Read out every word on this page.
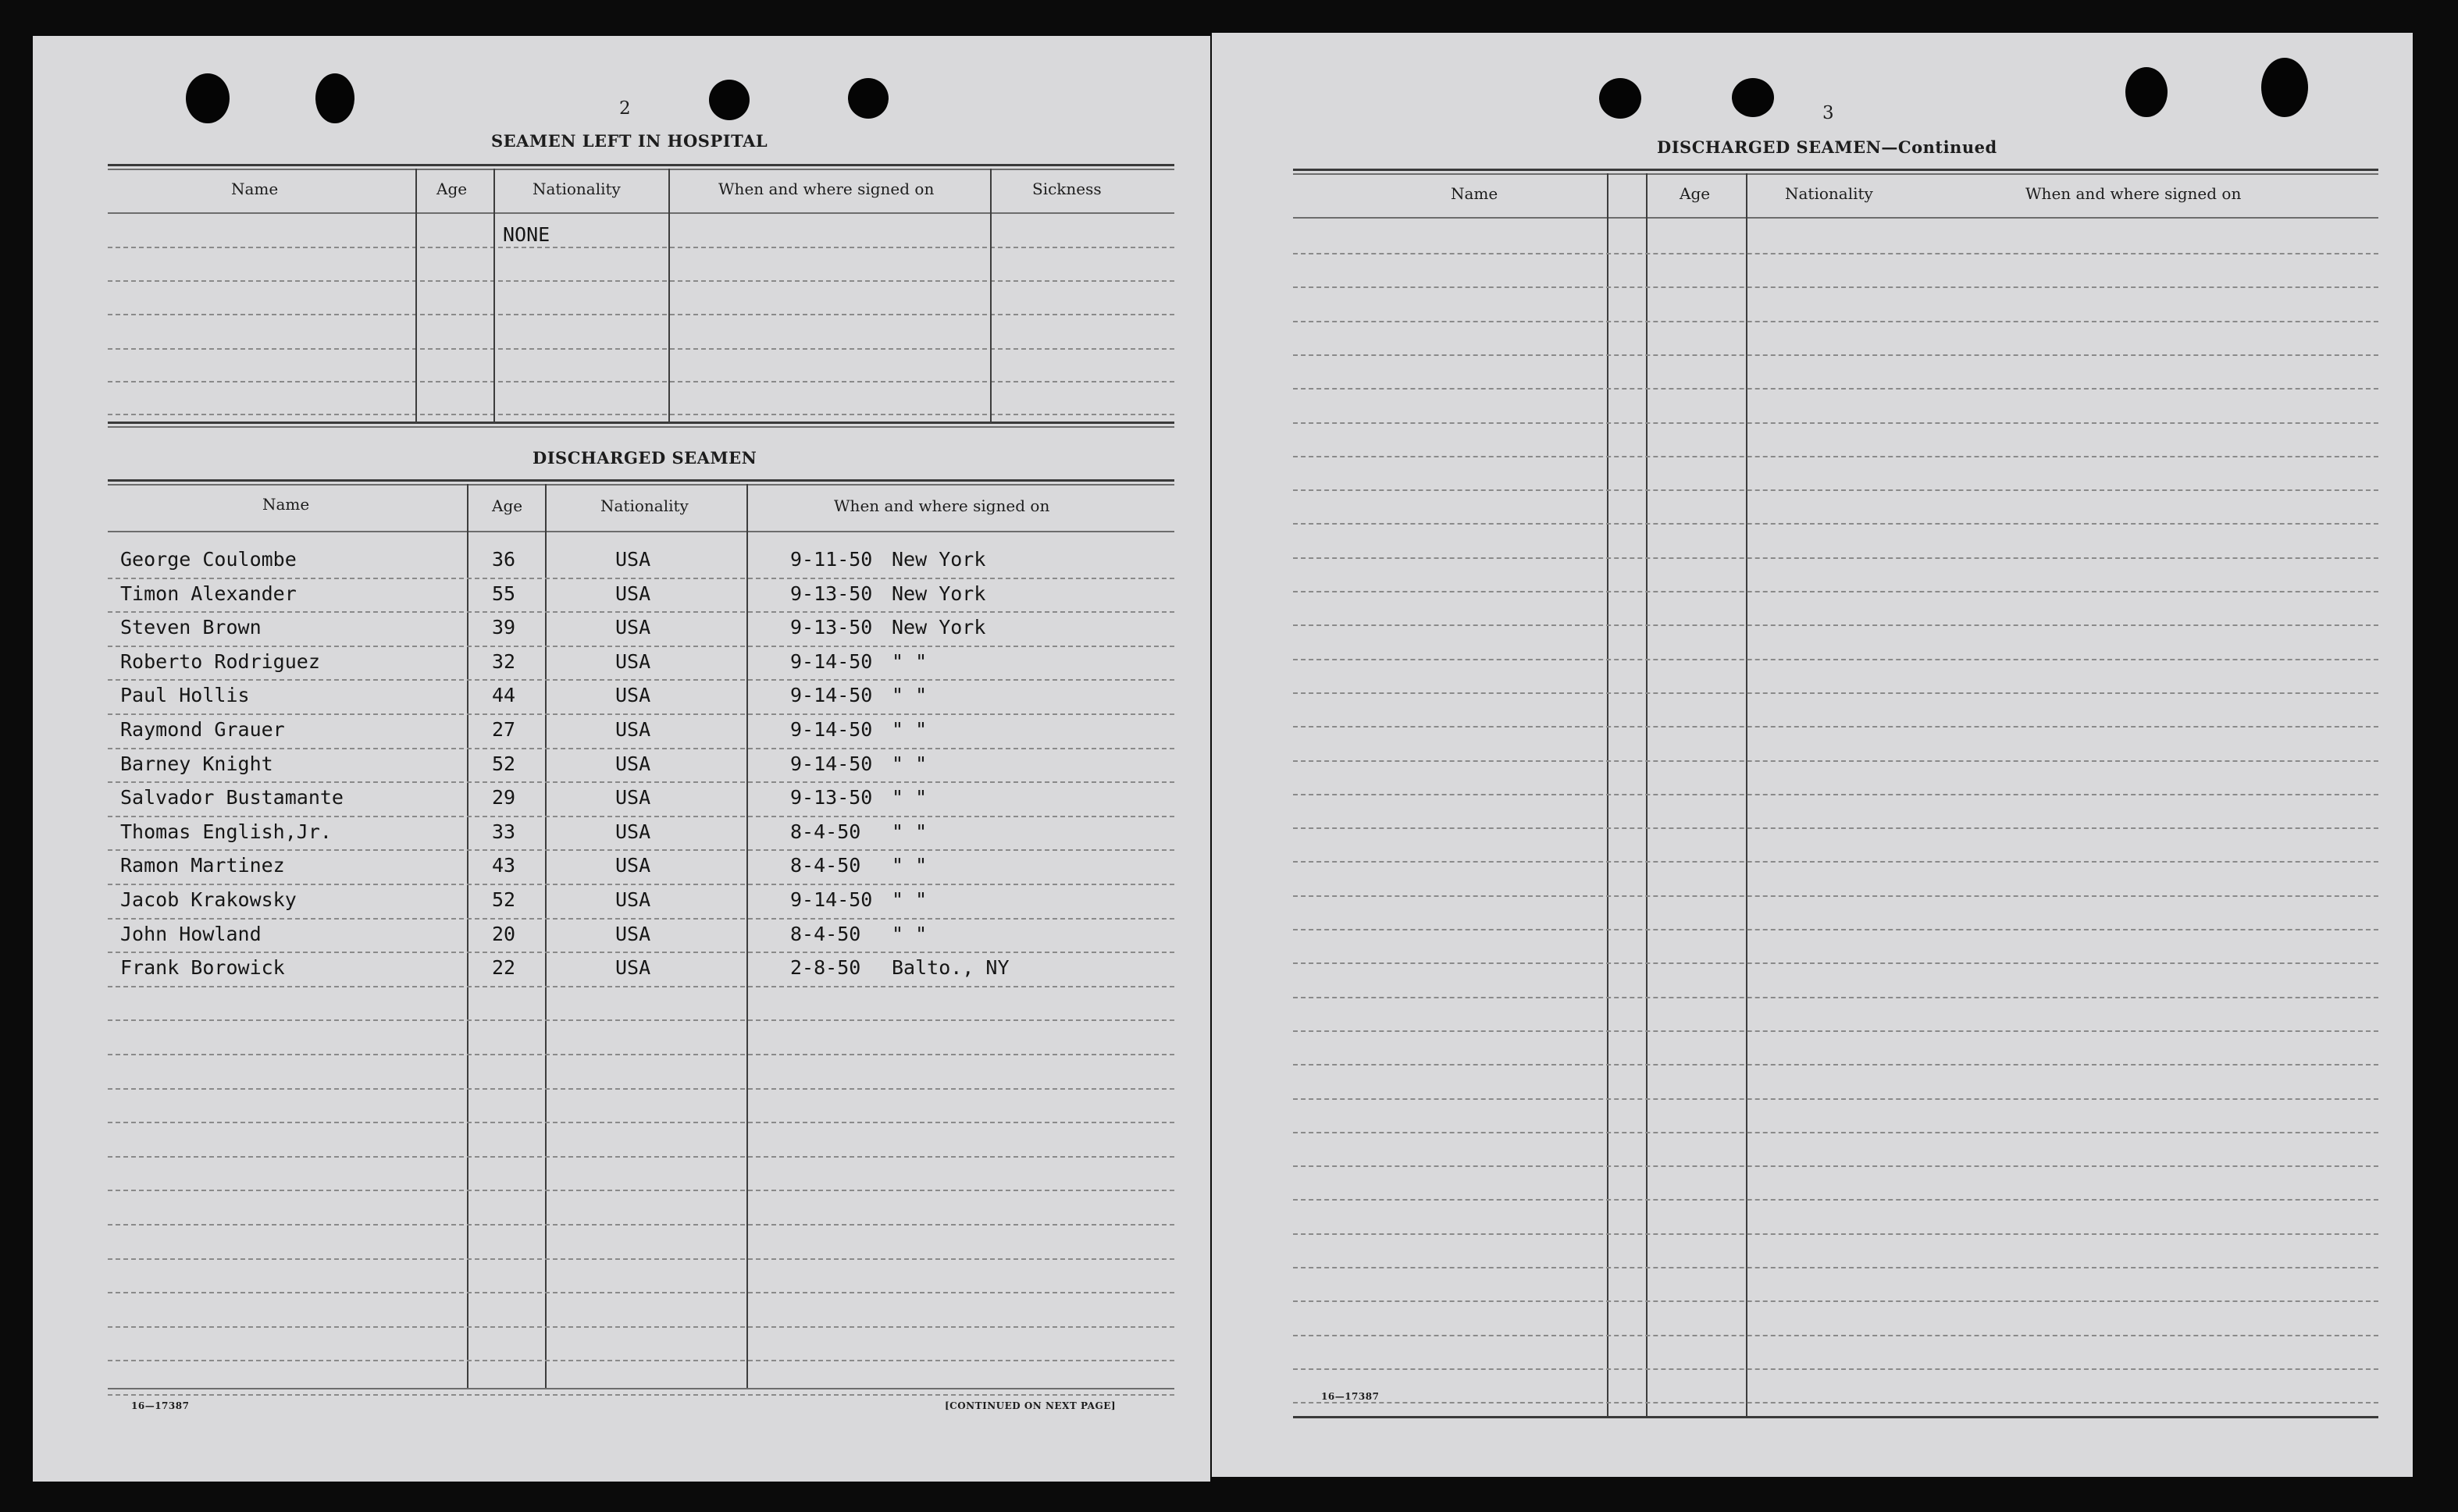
2
SEAMEN LEFT IN HOSPITAL
Name	Age	Nationality	When and where signed on	Sickness
NONE
DISCHARGED SEAMEN
Name	Age	Nationality	When and where signed on
George Coulombe	36	USA	9-11-50 New York
Timon Alexander	55	USA	9-13-50 New York
Steven Brown	39	USA	9-13-50 New York
Roberto Rodriguez	32	USA	9-14-50 " "
Paul Hollis	44	USA	9-14-50 " "
Raymond Grauer	27	USA	9-14-50 " "
Barney Knight	52	USA	9-14-50 " "
Salvador Bustamante	29	USA	9-13-50 " "
Thomas English,Jr.	33	USA	8-4-50 " "
Ramon Martinez	43	USA	8-4-50 " "
Jacob Krakowsky	52	USA	9-14-50 " "
John Howland	20	USA	8-4-50 " "
Frank Borowick	22	USA	2-8-50 Balto., NY
16—17387	[CONTINUED ON NEXT PAGE]
3
DISCHARGED SEAMEN—Continued
Name	Age	Nationality	When and where signed on
16—17387
